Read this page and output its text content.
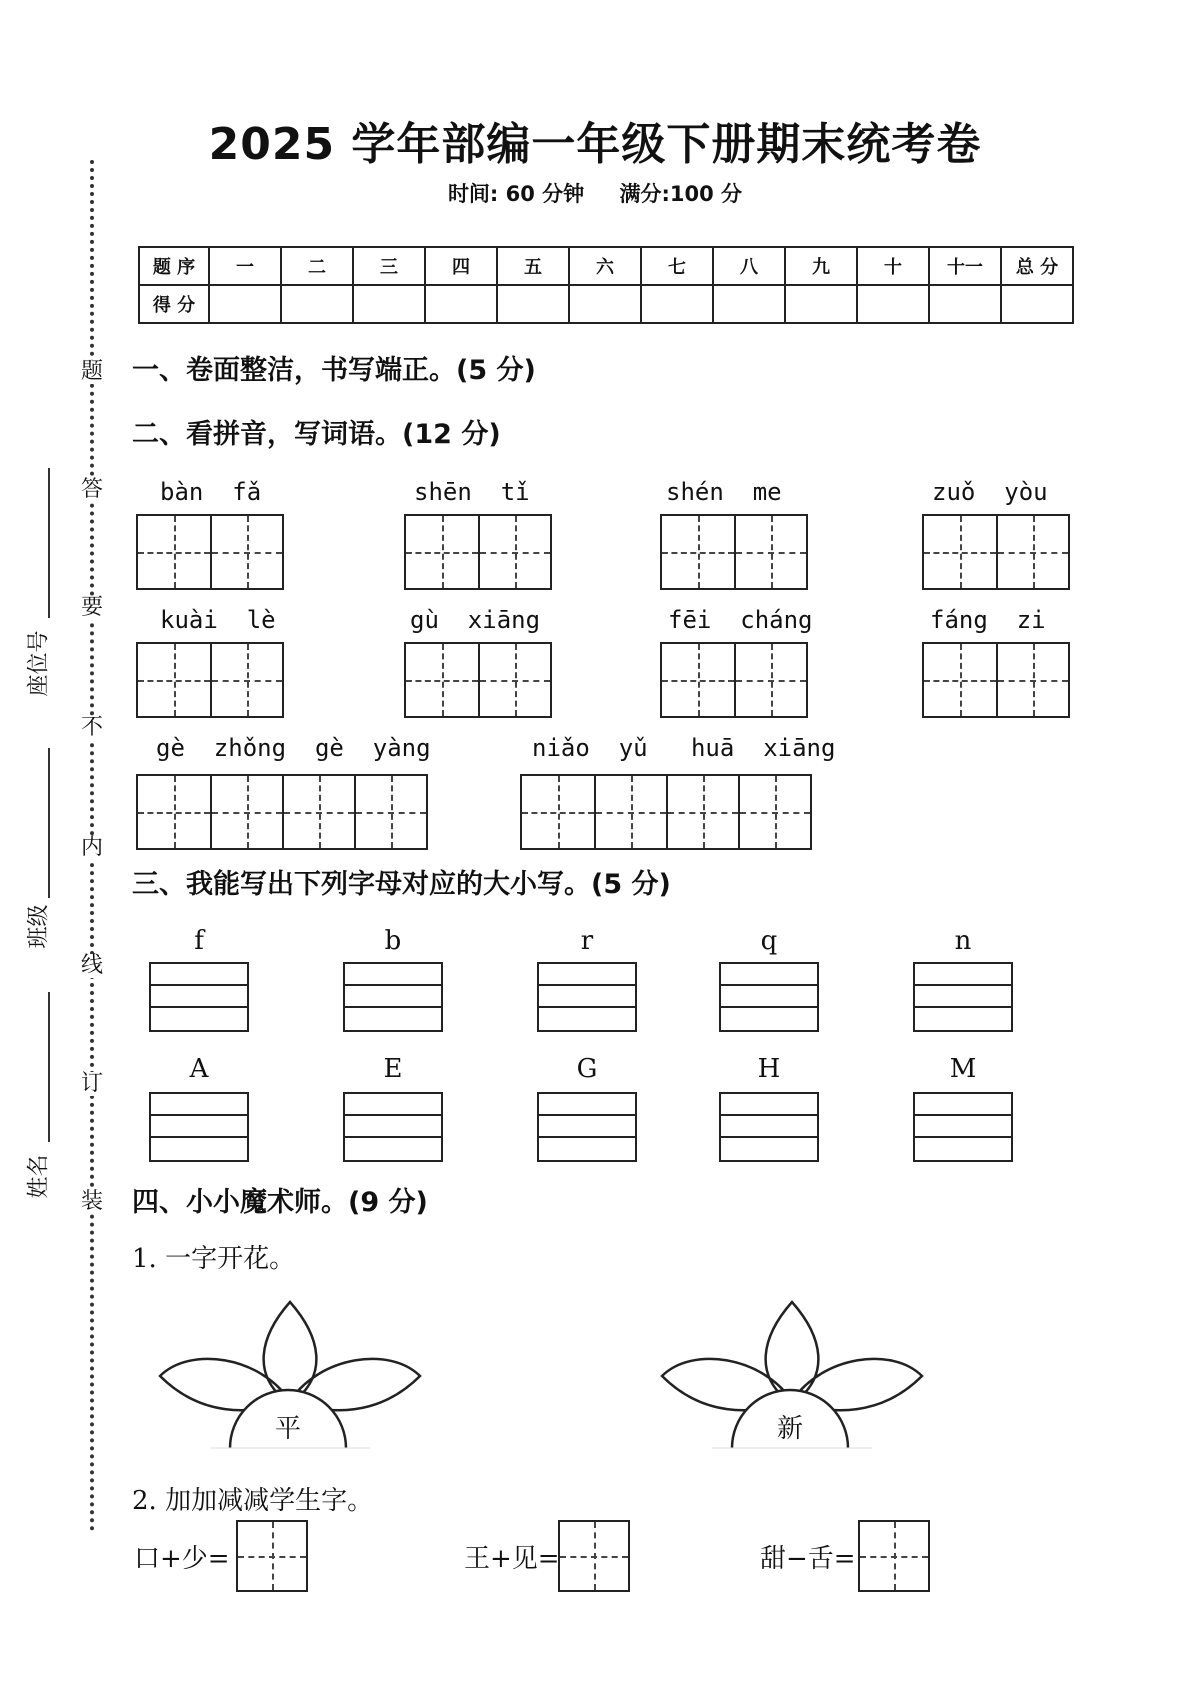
题
答
要
不
内
线
订
装
座位号
班级
姓名
2025 学年部编一年级下册期末统考卷
时间: 60 分钟 满分:100 分
题 序	一	二	三	四	五	六	七	八	九	十	十一	总 分
得 分												
一、卷面整洁，书写端正。(5 分)
二、看拼音，写词语。(12 分)
bàn  fǎ	shēn  tǐ	shén  me	zuǒ  yòu
kuài  lè	gù  xiāng	fēi  cháng	fáng  zi
gè  zhǒng  gè  yàng	niǎo  yǔ   huā  xiāng
三、我能写出下列字母对应的大小写。(5 分)
f	b	r	q	n
A	E	G	H	M
四、小小魔术师。(9 分)
1. 一字开花。
平	新
2. 加加减减学生字。
口+少=	王+见=	甜−舌=
